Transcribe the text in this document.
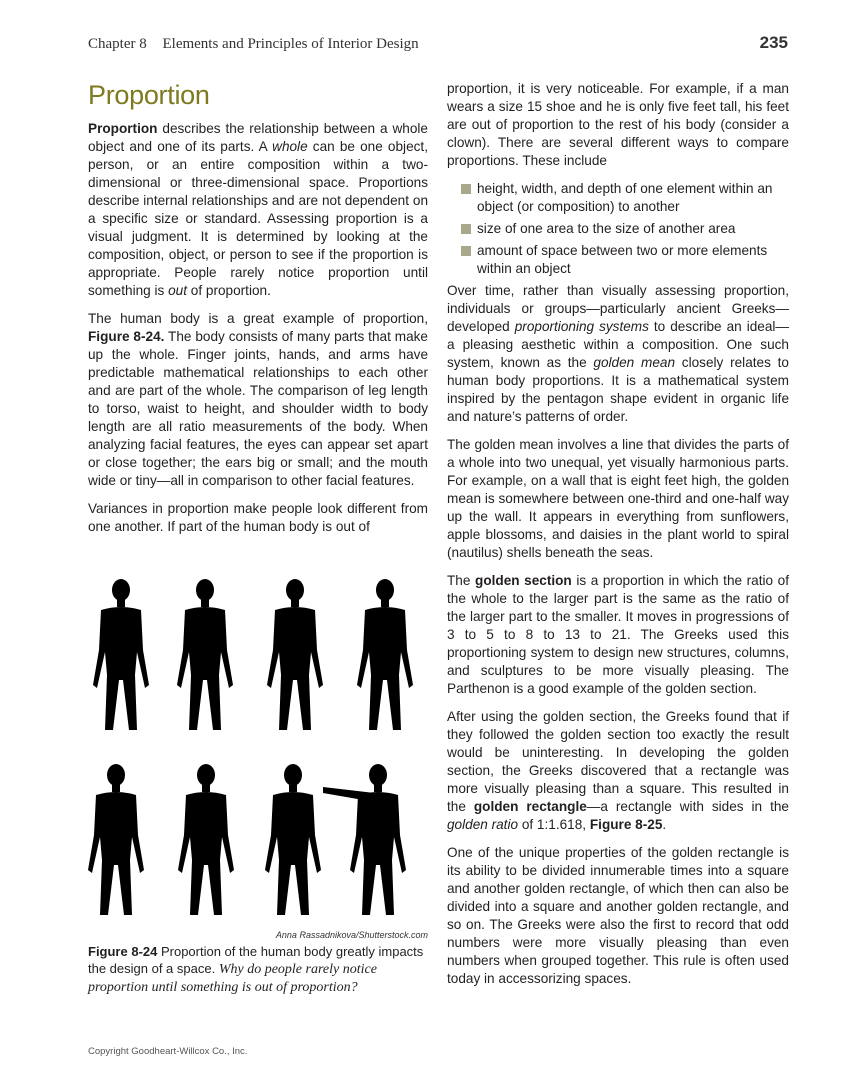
Chapter 8 Elements and Principles of Interior Design	235
Proportion

Proportion describes the relationship between a whole object and one of its parts. A whole can be one object, person, or an entire composition within a two-dimensional or three-dimensional space. Proportions describe internal relationships and are not dependent on a specific size or standard. Assessing proportion is a visual judgment. It is determined by looking at the composition, object, or person to see if the proportion is appropriate. People rarely notice proportion until something is out of proportion.

The human body is a great example of proportion, Figure 8-24. The body consists of many parts that make up the whole. Finger joints, hands, and arms have predictable mathematical relationships to each other and are part of the whole. The comparison of leg length to torso, waist to height, and shoulder width to body length are all ratio measurements of the body. When analyzing facial features, the eyes can appear set apart or close together; the ears big or small; and the mouth wide or tiny—all in comparison to other facial features.

Variances in proportion make people look different from one another. If part of the human body is out of

Anna Rassadnikova/Shutterstock.com
Figure 8-24 Proportion of the human body greatly impacts the design of a space. Why do people rarely notice proportion until something is out of proportion?

proportion, it is very noticeable. For example, if a man wears a size 15 shoe and he is only five feet tall, his feet are out of proportion to the rest of his body (consider a clown). There are several different ways to compare proportions. These include

height, width, and depth of one element within an object (or composition) to another
size of one area to the size of another area
amount of space between two or more elements within an object

Over time, rather than visually assessing proportion, individuals or groups—particularly ancient Greeks—developed proportioning systems to describe an ideal—a pleasing aesthetic within a composition. One such system, known as the golden mean closely relates to human body proportions. It is a mathematical system inspired by the pentagon shape evident in organic life and nature’s patterns of order.

The golden mean involves a line that divides the parts of a whole into two unequal, yet visually harmonious parts. For example, on a wall that is eight feet high, the golden mean is somewhere between one-third and one-half way up the wall. It appears in everything from sunflowers, apple blossoms, and daisies in the plant world to spiral (nautilus) shells beneath the seas.

The golden section is a proportion in which the ratio of the whole to the larger part is the same as the ratio of the larger part to the smaller. It moves in progressions of 3 to 5 to 8 to 13 to 21. The Greeks used this proportioning system to design new structures, columns, and sculptures to be more visually pleasing. The Parthenon is a good example of the golden section.

After using the golden section, the Greeks found that if they followed the golden section too exactly the result would be uninteresting. In developing the golden section, the Greeks discovered that a rectangle was more visually pleasing than a square. This resulted in the golden rectangle—a rectangle with sides in the golden ratio of 1:1.618, Figure 8-25.

One of the unique properties of the golden rectangle is its ability to be divided innumerable times into a square and another golden rectangle, of which then can also be divided into a square and another golden rectangle, and so on. The Greeks were also the first to record that odd numbers were more visually pleasing than even numbers when grouped together. This rule is often used today in accessorizing spaces.

Copyright Goodheart-Willcox Co., Inc.
